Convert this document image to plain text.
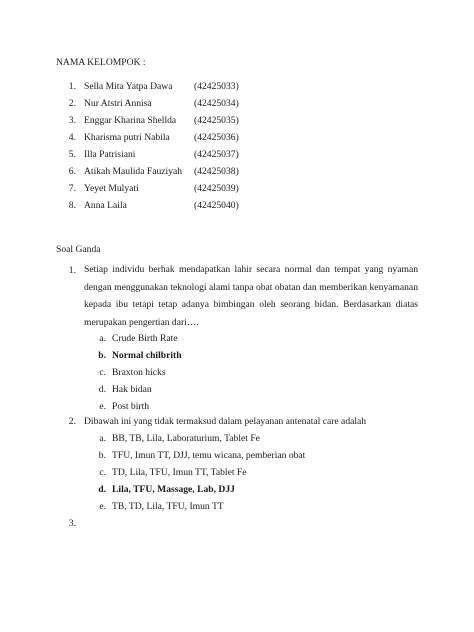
NAMA KELOMPOK :
1. Sella Mita Yatpa Dawa (42425033)
2. Nur Atstri Annisa	(42425034)
3. Enggar Kharina Shellda (42425035)
4. Kharisma putri Nabila	(42425036)
5. Illa Patrisiani	(42425037)
6. Atikah Maulida Fauziyah (42425038)
7. Yeyet Mulyati	(42425039)
8. Anna Laila	(42425040)
Soal Ganda
1. Setiap individu berhak mendapatkan lahir secara normal dan tempat yang nyaman dengan menggunakan teknologi alami tanpa obat obatan dan memberikan kenyamanan kepada ibu tetapi tetap adanya bimbingan oleh seorang bidan. Berdasarkan diatas merupakan pengertian dari….
a. Crude Birth Rate
b. Normal chilbrith
c. Braxton hicks
d. Hak bidan
e. Post birth
2. Dibawah ini yang tidak termaksud dalam pelayanan antenatal care adalah
a. BB, TB, Lila, Laboraturium, Tablet Fe
b. TFU, Imun TT, DJJ, temu wicana, pemberian obat
c. TD, Lila, TFU, Imun TT, Tablet Fe
d. Lila, TFU, Massage, Lab, DJJ
e. TB, TD, Lila, TFU, Imun TT
3.
